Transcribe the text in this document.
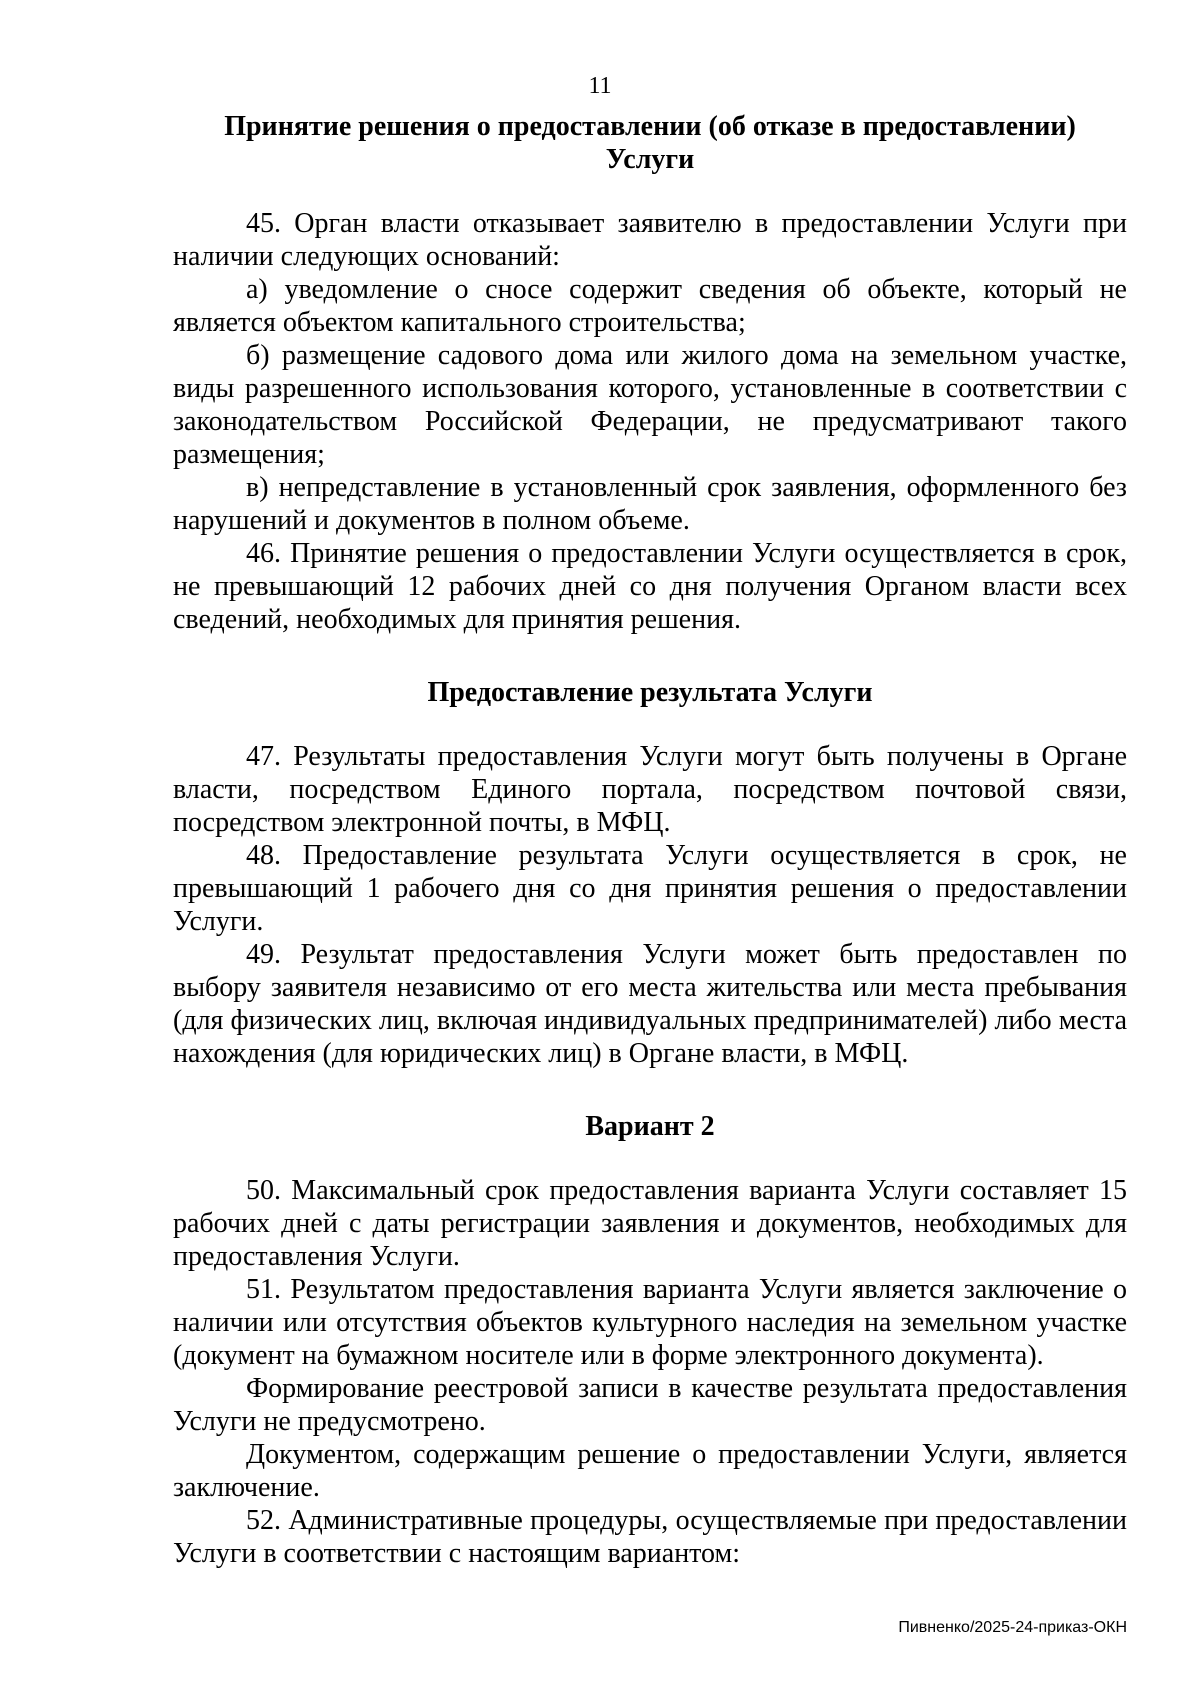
11
Принятие решения о предоставлении (об отказе в предоставлении)
Услуги

45. Орган власти отказывает заявителю в предоставлении Услуги при наличии следующих оснований:

а) уведомление о сносе содержит сведения об объекте, который не является объектом капитального строительства;

б) размещение садового дома или жилого дома на земельном участке, виды разрешенного использования которого, установленные в соответствии с законодательством Российской Федерации, не предусматривают такого размещения;

в) непредставление в установленный срок заявления, оформленного без нарушений и документов в полном объеме.

46. Принятие решения о предоставлении Услуги осуществляется в срок, не превышающий 12 рабочих дней со дня получения Органом власти всех сведений, необходимых для принятия решения.

Предоставление результата Услуги

47. Результаты предоставления Услуги могут быть получены в Органе власти, посредством Единого портала, посредством почтовой связи, посредством электронной почты, в МФЦ.

48. Предоставление результата Услуги осуществляется в срок, не превышающий 1 рабочего дня со дня принятия решения о предоставлении Услуги.

49. Результат предоставления Услуги может быть предоставлен по выбору заявителя независимо от его места жительства или места пребывания (для физических лиц, включая индивидуальных предпринимателей) либо места нахождения (для юридических лиц) в Органе власти, в МФЦ.

Вариант 2

50. Максимальный срок предоставления варианта Услуги составляет 15 рабочих дней с даты регистрации заявления и документов, необходимых для предоставления Услуги.

51. Результатом предоставления варианта Услуги является заключение о наличии или отсутствия объектов культурного наследия на земельном участке (документ на бумажном носителе или в форме электронного документа).

Формирование реестровой записи в качестве результата предоставления Услуги не предусмотрено.

Документом, содержащим решение о предоставлении Услуги, является заключение.

52. Административные процедуры, осуществляемые при предоставлении Услуги в соответствии с настоящим вариантом:

Пивненко/2025-24-приказ-ОКН
